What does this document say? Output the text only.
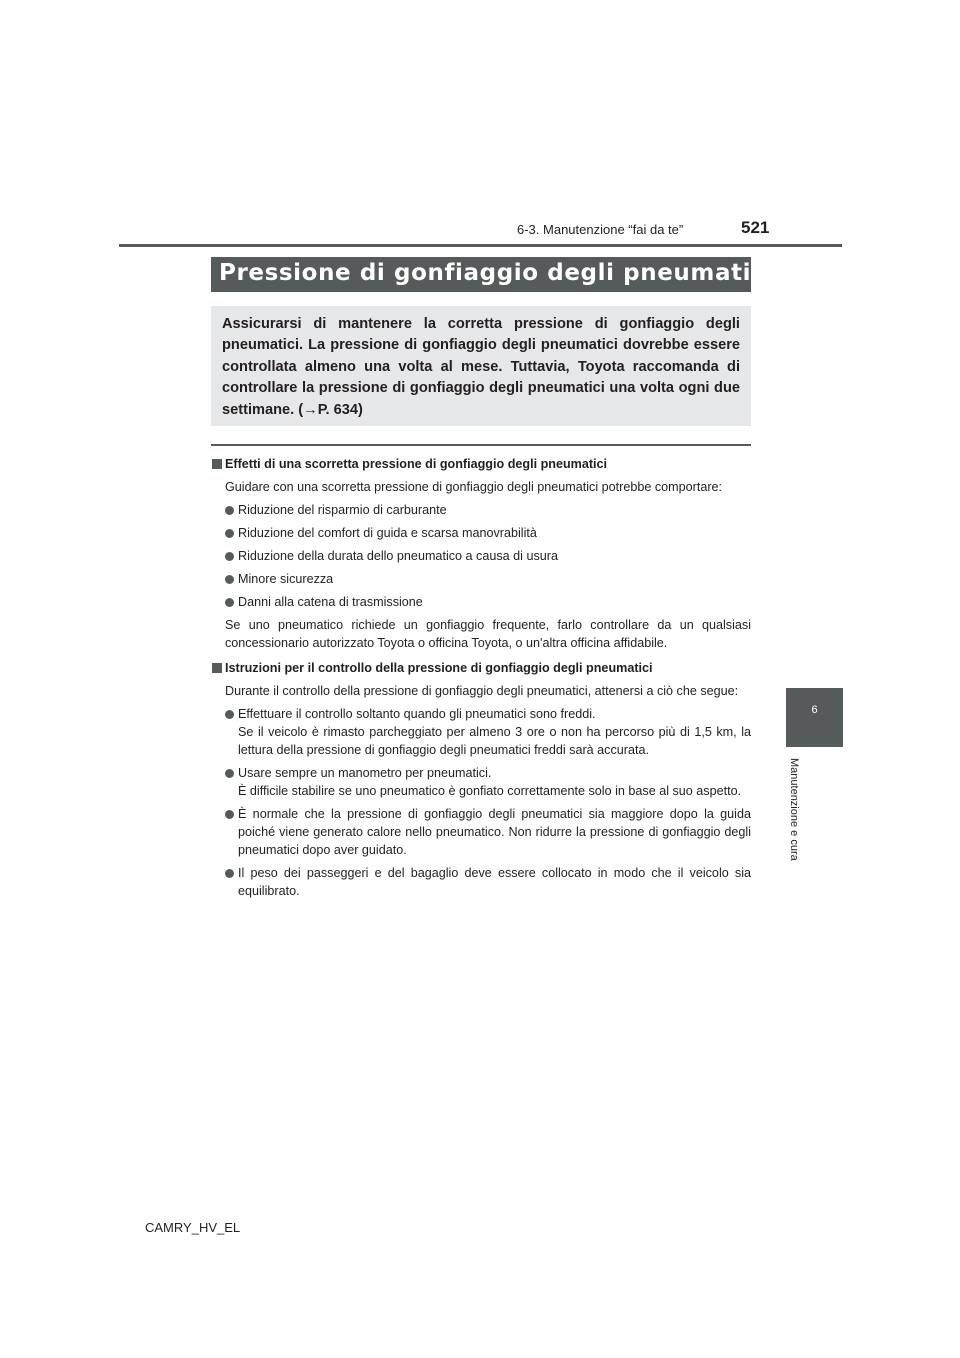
6-3. Manutenzione “fai da te”	521
6
Manutenzione e cura
Pressione di gonfiaggio degli pneumatici
Assicurarsi di mantenere la corretta pressione di gonfiaggio degli pneumatici. La pressione di gonfiaggio degli pneumatici dovrebbe essere controllata almeno una volta al mese. Tuttavia, Toyota raccomanda di controllare la pressione di gonfiaggio degli pneumatici una volta ogni due settimane. (→P. 634)
Effetti di una scorretta pressione di gonfiaggio degli pneumatici
Guidare con una scorretta pressione di gonfiaggio degli pneumatici potrebbe comportare:
Riduzione del risparmio di carburante
Riduzione del comfort di guida e scarsa manovrabilità
Riduzione della durata dello pneumatico a causa di usura
Minore sicurezza
Danni alla catena di trasmissione
Se uno pneumatico richiede un gonfiaggio frequente, farlo controllare da un qualsiasi concessionario autorizzato Toyota o officina Toyota, o un'altra officina affidabile.
Istruzioni per il controllo della pressione di gonfiaggio degli pneumatici
Durante il controllo della pressione di gonfiaggio degli pneumatici, attenersi a ciò che segue:
Effettuare il controllo soltanto quando gli pneumatici sono freddi.
Se il veicolo è rimasto parcheggiato per almeno 3 ore o non ha percorso più di 1,5 km, la lettura della pressione di gonfiaggio degli pneumatici freddi sarà accurata.
Usare sempre un manometro per pneumatici.
È difficile stabilire se uno pneumatico è gonfiato correttamente solo in base al suo aspetto.
È normale che la pressione di gonfiaggio degli pneumatici sia maggiore dopo la guida poiché viene generato calore nello pneumatico. Non ridurre la pressione di gonfiaggio degli pneumatici dopo aver guidato.
Il peso dei passeggeri e del bagaglio deve essere collocato in modo che il veicolo sia equilibrato.
CAMRY_HV_EL
